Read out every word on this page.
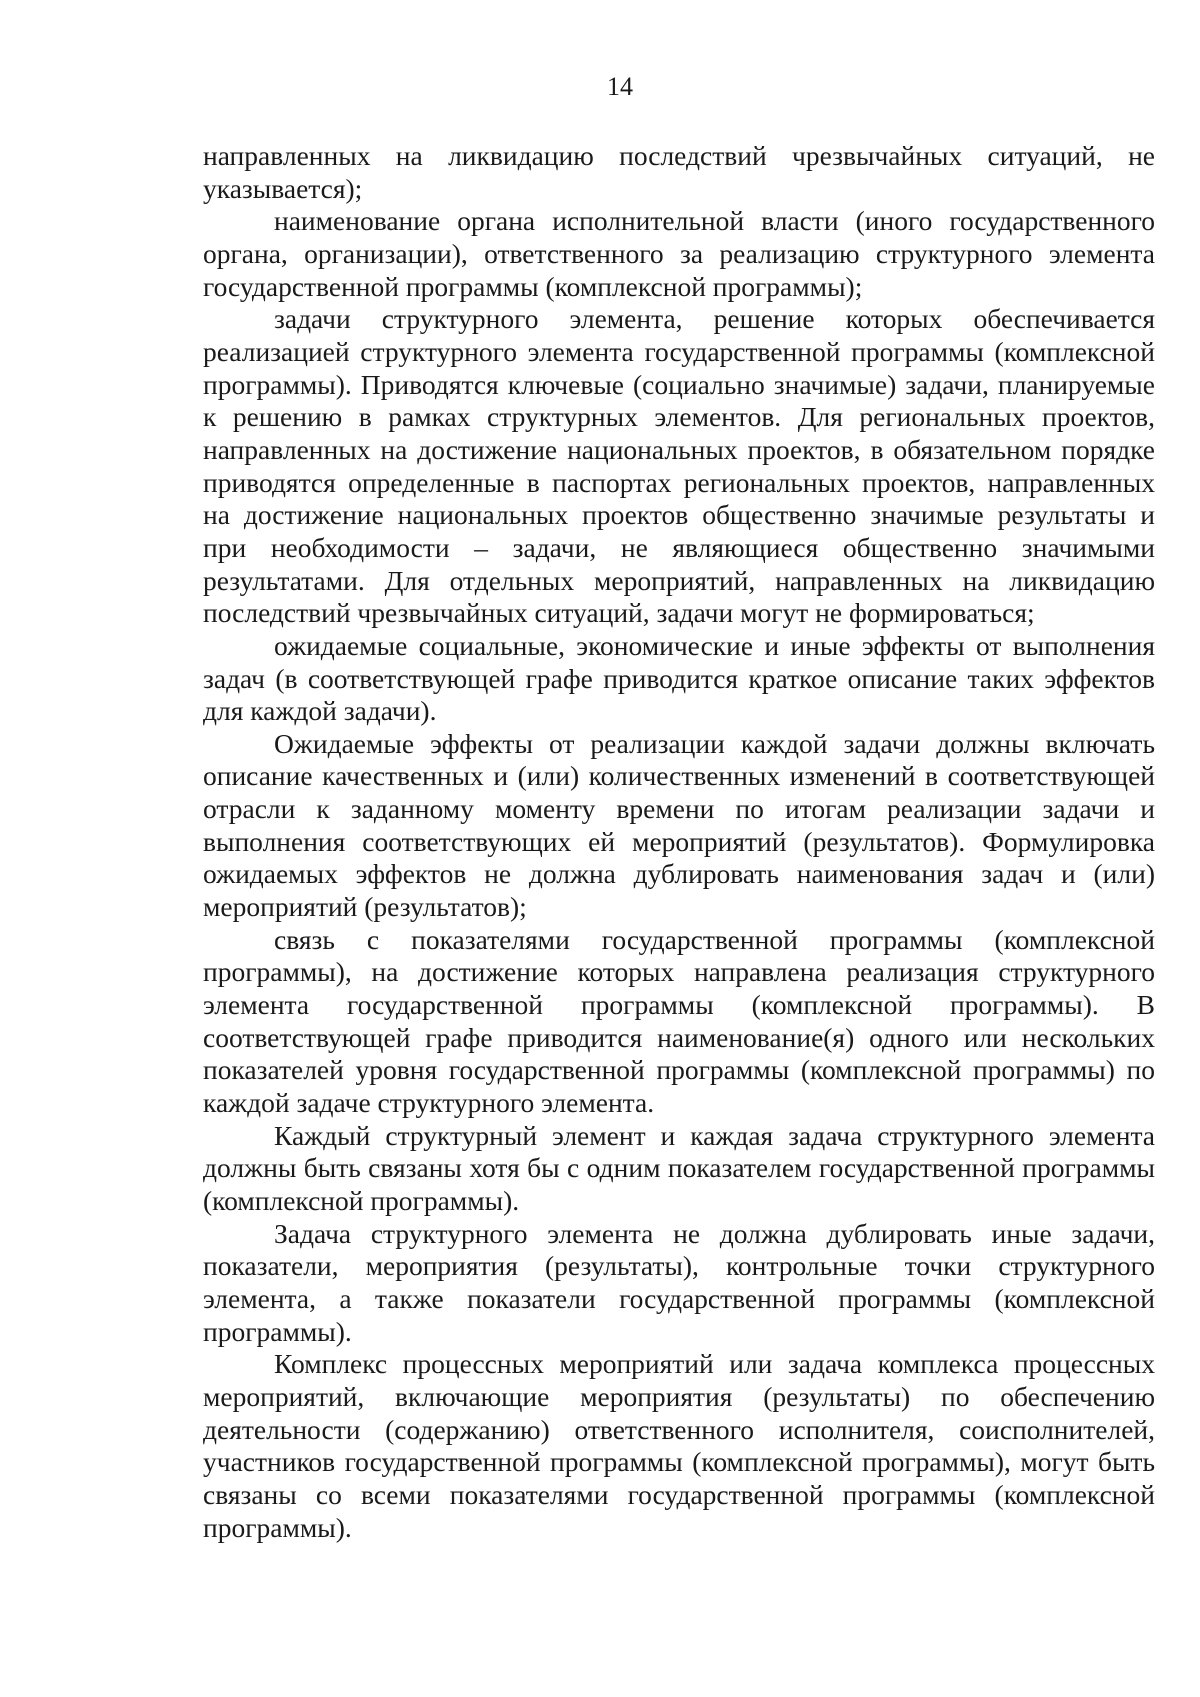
14

направленных на ликвидацию последствий чрезвычайных ситуаций, не указывается);

наименование органа исполнительной власти (иного государственного органа, организации), ответственного за реализацию структурного элемента государственной программы (комплексной программы);

задачи структурного элемента, решение которых обеспечивается реализацией структурного элемента государственной программы (комплексной программы). Приводятся ключевые (социально значимые) задачи, планируемые к решению в рамках структурных элементов. Для региональных проектов, направленных на достижение национальных проектов, в обязательном порядке приводятся определенные в паспортах региональных проектов, направленных на достижение национальных проектов общественно значимые результаты и при необходимости – задачи, не являющиеся общественно значимыми результатами. Для отдельных мероприятий, направленных на ликвидацию последствий чрезвычайных ситуаций, задачи могут не формироваться;

ожидаемые социальные, экономические и иные эффекты от выполнения задач (в соответствующей графе приводится краткое описание таких эффектов для каждой задачи).

Ожидаемые эффекты от реализации каждой задачи должны включать описание качественных и (или) количественных изменений в соответствующей отрасли к заданному моменту времени по итогам реализации задачи и выполнения соответствующих ей мероприятий (результатов). Формулировка ожидаемых эффектов не должна дублировать наименования задач и (или) мероприятий (результатов);

связь с показателями государственной программы (комплексной программы), на достижение которых направлена реализация структурного элемента государственной программы (комплексной программы). В соответствующей графе приводится наименование(я) одного или нескольких показателей уровня государственной программы (комплексной программы) по каждой задаче структурного элемента.

Каждый структурный элемент и каждая задача структурного элемента должны быть связаны хотя бы с одним показателем государственной программы (комплексной программы).

Задача структурного элемента не должна дублировать иные задачи, показатели, мероприятия (результаты), контрольные точки структурного элемента, а также показатели государственной программы (комплексной программы).

Комплекс процессных мероприятий или задача комплекса процессных мероприятий, включающие мероприятия (результаты) по обеспечению деятельности (содержанию) ответственного исполнителя, соисполнителей, участников государственной программы (комплексной программы), могут быть связаны со всеми показателями государственной программы (комплексной программы).
